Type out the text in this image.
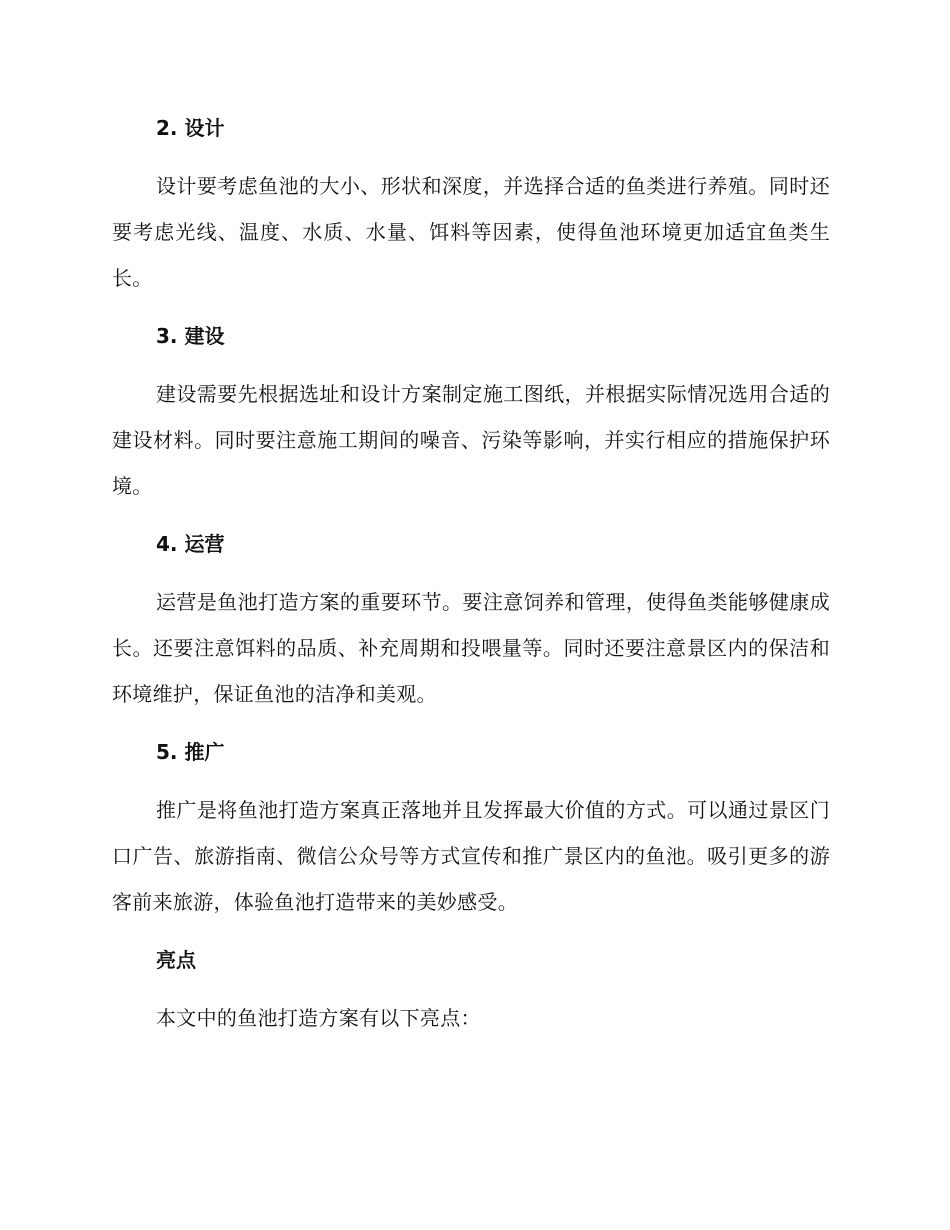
2. 设计

设计要考虑鱼池的大小、形状和深度，并选择合适的鱼类进行养殖。同时还要考虑光线、温度、水质、水量、饵料等因素，使得鱼池环境更加适宜鱼类生长。

3. 建设

建设需要先根据选址和设计方案制定施工图纸，并根据实际情况选用合适的建设材料。同时要注意施工期间的噪音、污染等影响，并实行相应的措施保护环境。

4. 运营

运营是鱼池打造方案的重要环节。要注意饲养和管理，使得鱼类能够健康成长。还要注意饵料的品质、补充周期和投喂量等。同时还要注意景区内的保洁和环境维护，保证鱼池的洁净和美观。

5. 推广

推广是将鱼池打造方案真正落地并且发挥最大价值的方式。可以通过景区门口广告、旅游指南、微信公众号等方式宣传和推广景区内的鱼池。吸引更多的游客前来旅游，体验鱼池打造带来的美妙感受。

亮点

本文中的鱼池打造方案有以下亮点：
